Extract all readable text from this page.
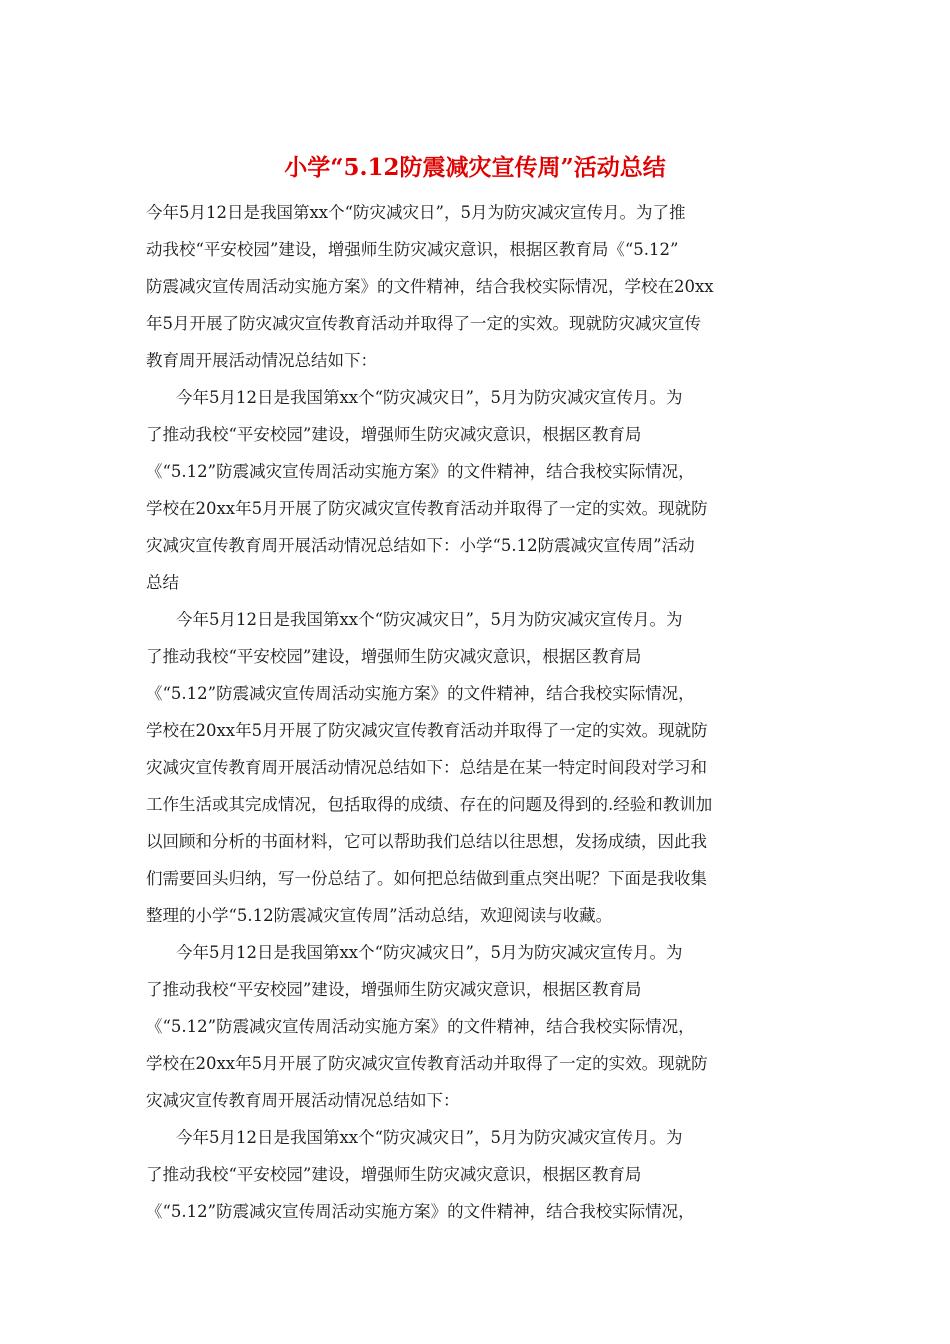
小学“5.12防震减灾宣传周”活动总结
今年5月12日是我国第xx个“防灾减灾日”，5月为防灾减灾宣传月。为了推
动我校“平安校园”建设，增强师生防灾减灾意识，根据区教育局《“5.12”
防震减灾宣传周活动实施方案》的文件精神，结合我校实际情况，学校在20xx
年5月开展了防灾减灾宣传教育活动并取得了一定的实效。现就防灾减灾宣传
教育周开展活动情况总结如下：
今年5月12日是我国第xx个“防灾减灾日”，5月为防灾减灾宣传月。为
了推动我校“平安校园”建设，增强师生防灾减灾意识，根据区教育局
《“5.12”防震减灾宣传周活动实施方案》的文件精神，结合我校实际情况，
学校在20xx年5月开展了防灾减灾宣传教育活动并取得了一定的实效。现就防
灾减灾宣传教育周开展活动情况总结如下：小学“5.12防震减灾宣传周”活动
总结
今年5月12日是我国第xx个“防灾减灾日”，5月为防灾减灾宣传月。为
了推动我校“平安校园”建设，增强师生防灾减灾意识，根据区教育局
《“5.12”防震减灾宣传周活动实施方案》的文件精神，结合我校实际情况，
学校在20xx年5月开展了防灾减灾宣传教育活动并取得了一定的实效。现就防
灾减灾宣传教育周开展活动情况总结如下：总结是在某一特定时间段对学习和
工作生活或其完成情况，包括取得的成绩、存在的问题及得到的.经验和教训加
以回顾和分析的书面材料，它可以帮助我们总结以往思想，发扬成绩，因此我
们需要回头归纳，写一份总结了。如何把总结做到重点突出呢？下面是我收集
整理的小学“5.12防震减灾宣传周”活动总结，欢迎阅读与收藏。
今年5月12日是我国第xx个“防灾减灾日”，5月为防灾减灾宣传月。为
了推动我校“平安校园”建设，增强师生防灾减灾意识，根据区教育局
《“5.12”防震减灾宣传周活动实施方案》的文件精神，结合我校实际情况，
学校在20xx年5月开展了防灾减灾宣传教育活动并取得了一定的实效。现就防
灾减灾宣传教育周开展活动情况总结如下：
今年5月12日是我国第xx个“防灾减灾日”，5月为防灾减灾宣传月。为
了推动我校“平安校园”建设，增强师生防灾减灾意识，根据区教育局
《“5.12”防震减灾宣传周活动实施方案》的文件精神，结合我校实际情况，
